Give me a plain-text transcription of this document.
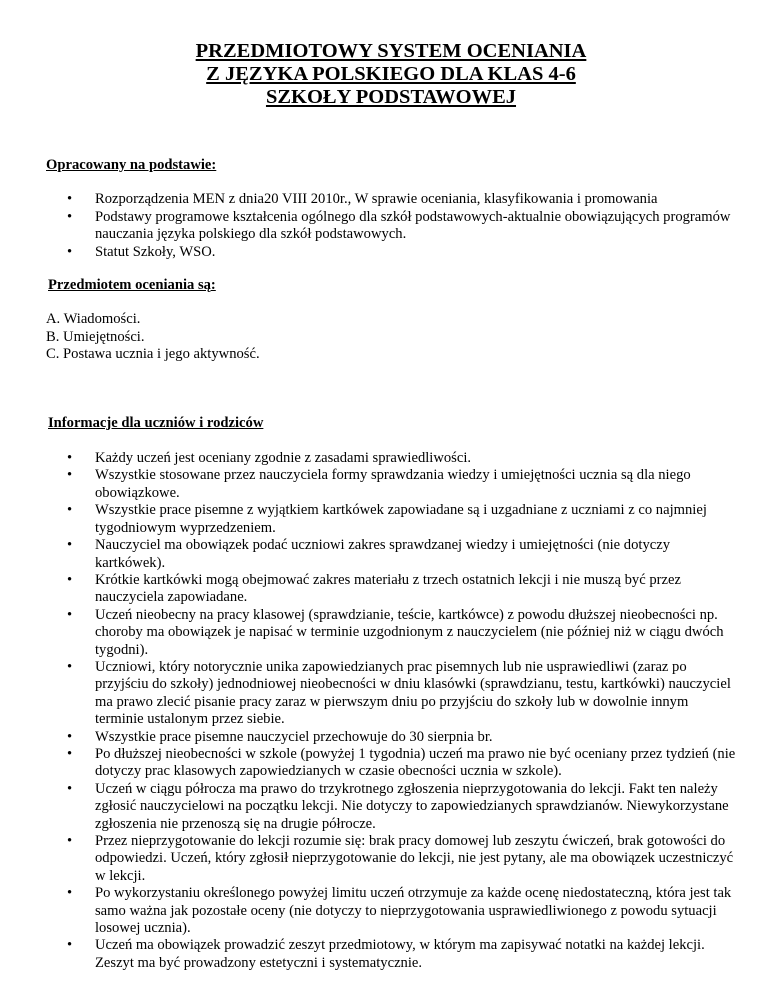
PRZEDMIOTOWY SYSTEM OCENIANIA
Z JĘZYKA POLSKIEGO DLA KLAS 4-6
SZKOŁY PODSTAWOWEJ

Opracowany na podstawie:

• Rozporządzenia MEN z dnia20 VIII 2010r., W sprawie oceniania, klasyfikowania i promowania
• Podstawy programowe kształcenia ogólnego dla szkół podstawowych-aktualnie obowiązujących programów nauczania języka polskiego dla szkół podstawowych.
• Statut Szkoły, WSO.

Przedmiotem oceniania są:

A. Wiadomości.
B. Umiejętności.
C. Postawa ucznia i jego aktywność.

Informacje dla uczniów i rodziców

• Każdy uczeń jest oceniany zgodnie z zasadami sprawiedliwości.
• Wszystkie stosowane przez nauczyciela formy sprawdzania wiedzy i umiejętności ucznia są dla niego obowiązkowe.
• Wszystkie prace pisemne z wyjątkiem kartkówek zapowiadane są i uzgadniane z uczniami z co najmniej tygodniowym wyprzedzeniem.
• Nauczyciel ma obowiązek podać uczniowi zakres sprawdzanej wiedzy i umiejętności (nie dotyczy kartkówek).
• Krótkie kartkówki mogą obejmować zakres materiału z trzech ostatnich lekcji i nie muszą być przez nauczyciela zapowiadane.
• Uczeń nieobecny na pracy klasowej (sprawdzianie, teście, kartkówce) z powodu dłuższej nieobecności np. choroby ma obowiązek je napisać w terminie uzgodnionym z nauczycielem (nie później niż w ciągu dwóch tygodni).
• Uczniowi, który notorycznie unika zapowiedzianych prac pisemnych lub nie usprawiedliwi (zaraz po przyjściu do szkoły) jednodniowej nieobecności w dniu klasówki (sprawdzianu, testu, kartkówki) nauczyciel ma prawo zlecić pisanie pracy zaraz w pierwszym dniu po przyjściu do szkoły lub w dowolnie innym terminie ustalonym przez siebie.
• Wszystkie prace pisemne nauczyciel przechowuje do 30 sierpnia br.
• Po dłuższej nieobecności w szkole (powyżej 1 tygodnia) uczeń ma prawo nie być oceniany przez tydzień (nie dotyczy prac klasowych zapowiedzianych w czasie obecności ucznia w szkole).
• Uczeń w ciągu półrocza ma prawo do trzykrotnego zgłoszenia nieprzygotowania do lekcji. Fakt ten należy zgłosić nauczycielowi na początku lekcji. Nie dotyczy to zapowiedzianych sprawdzianów. Niewykorzystane zgłoszenia nie przenoszą się na drugie półrocze.
• Przez nieprzygotowanie do lekcji rozumie się: brak pracy domowej lub zeszytu ćwiczeń, brak gotowości do odpowiedzi. Uczeń, który zgłosił nieprzygotowanie do lekcji, nie jest pytany, ale ma obowiązek uczestniczyć w lekcji.
• Po wykorzystaniu określonego powyżej limitu uczeń otrzymuje za każde ocenę niedostateczną, która jest tak samo ważna jak pozostałe oceny (nie dotyczy to nieprzygotowania usprawiedliwionego z powodu sytuacji losowej ucznia).
• Uczeń ma obowiązek prowadzić zeszyt przedmiotowy, w którym ma zapisywać notatki na każdej lekcji. Zeszyt ma być prowadzony estetyczni i systematycznie.
